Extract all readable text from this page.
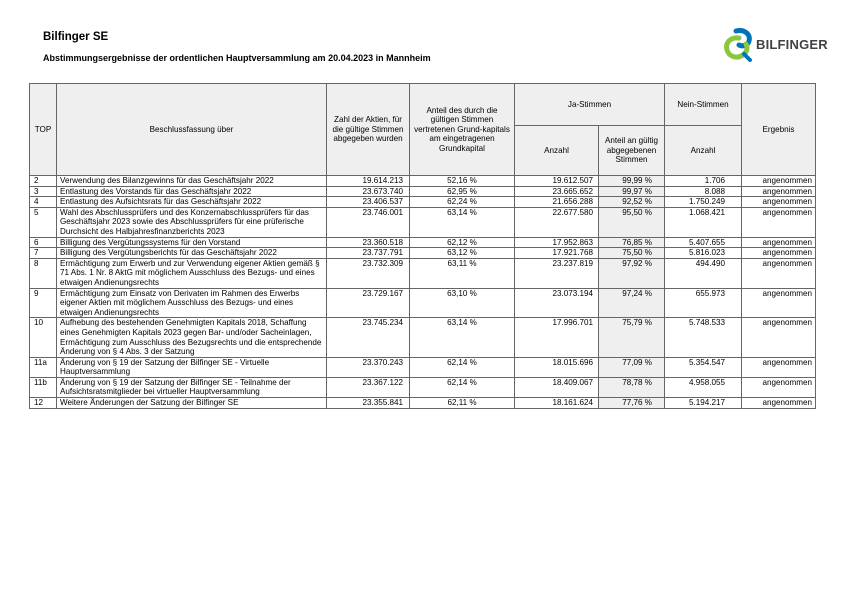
Bilfinger SE
Abstimmungsergebnisse der ordentlichen Hauptversammlung am 20.04.2023 in Mannheim
BILFINGER
TOP	Beschlussfassung über	Zahl der Aktien, für die gültige Stimmen abgegeben wurden	Anteil des durch die gültigen Stimmen vertretenen Grund-kapitals am eingetragenen Grundkapital	Ja-Stimmen		Nein-Stimmen	Ergebnis
				Anzahl	Anteil an gültig abgegebenen Stimmen	Anzahl	
2	Verwendung des Bilanzgewinns für das Geschäftsjahr 2022	19.614.213	52,16 %	19.612.507	99,99 %	1.706	angenommen
3	Entlastung des Vorstands für das Geschäftsjahr 2022	23.673.740	62,95 %	23.665.652	99,97 %	8.088	angenommen
4	Entlastung des Aufsichtsrats für das Geschäftsjahr 2022	23.406.537	62,24 %	21.656.288	92,52 %	1.750.249	angenommen
5	Wahl des Abschlussprüfers und des Konzernabschlussprüfers für das Geschäftsjahr 2023 sowie des Abschlussprüfers für eine prüferische Durchsicht des Halbjahresfinanzberichts 2023	23.746.001	63,14 %	22.677.580	95,50 %	1.068.421	angenommen
6	Billigung des Vergütungssystems für den Vorstand	23.360.518	62,12 %	17.952.863	76,85 %	5.407.655	angenommen
7	Billigung des Vergütungsberichts für das Geschäftsjahr 2022	23.737.791	63,12 %	17.921.768	75,50 %	5.816.023	angenommen
8	Ermächtigung zum Erwerb und zur Verwendung eigener Aktien gemäß § 71 Abs. 1 Nr. 8 AktG mit möglichem Ausschluss des Bezugs- und eines etwaigen Andienungsrechts	23.732.309	63,11 %	23.237.819	97,92 %	494.490	angenommen
9	Ermächtigung zum Einsatz von Derivaten im Rahmen des Erwerbs eigener Aktien mit möglichem Ausschluss des Bezugs- und eines etwaigen Andienungsrechts	23.729.167	63,10 %	23.073.194	97,24 %	655.973	angenommen
10	Aufhebung des bestehenden Genehmigten Kapitals 2018, Schaffung eines Genehmigten Kapitals 2023 gegen Bar- und/oder Sacheinlagen, Ermächtigung zum Ausschluss des Bezugsrechts und die entsprechende Änderung von § 4 Abs. 3 der Satzung	23.745.234	63,14 %	17.996.701	75,79 %	5.748.533	angenommen
11a	Änderung von § 19 der Satzung der Bilfinger SE - Virtuelle Hauptversammlung	23.370.243	62,14 %	18.015.696	77,09 %	5.354.547	angenommen
11b	Änderung von § 19 der Satzung der Bilfinger SE - Teilnahme der Aufsichtsratsmitglieder bei virtueller Hauptversammlung	23.367.122	62,14 %	18.409.067	78,78 %	4.958.055	angenommen
12	Weitere Änderungen der Satzung der Bilfinger SE	23.355.841	62,11 %	18.161.624	77,76 %	5.194.217	angenommen
